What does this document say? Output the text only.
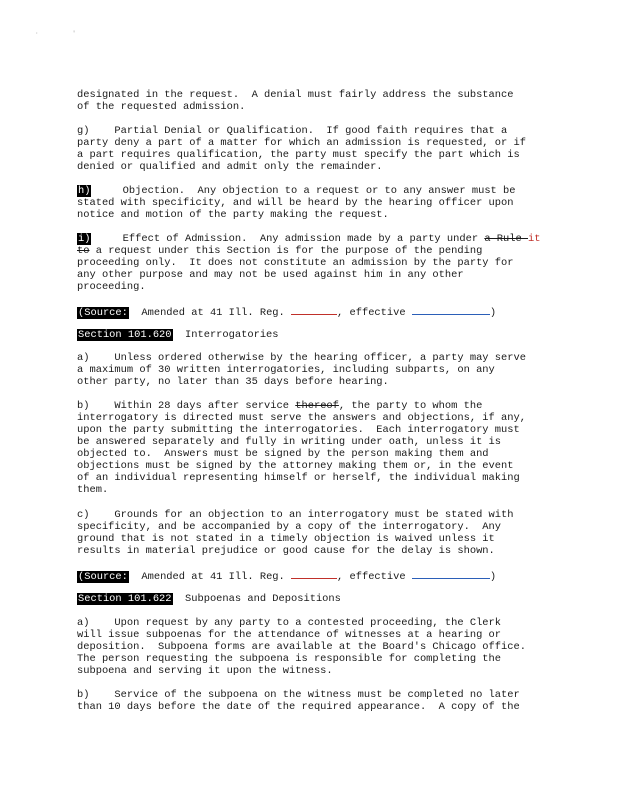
·	'
designated in the request.  A denial must fairly address the substance
of the requested admission.
g)    Partial Denial or Qualification.  If good faith requires that a
party deny a part of a matter for which an admission is requested, or if
a part requires qualification, the party must specify the part which is
denied or qualified and admit only the remainder.
h)     Objection.  Any objection to a request or to any answer must be
stated with specificity, and will be heard by the hearing officer upon
notice and motion of the party making the request.
i)     Effect of Admission.  Any admission made by a party under a Rule it
to a request under this Section is for the purpose of the pending
proceeding only.  It does not constitute an admission by the party for
any other purpose and may not be used against him in any other
proceeding.
(Source:  Amended at 41 Ill. Reg.	, effective	)
Section 101.620  Interrogatories
a)    Unless ordered otherwise by the hearing officer, a party may serve
a maximum of 30 written interrogatories, including subparts, on any
other party, no later than 35 days before hearing.
b)    Within 28 days after service thereof, the party to whom the
interrogatory is directed must serve the answers and objections, if any,
upon the party submitting the interrogatories.  Each interrogatory must
be answered separately and fully in writing under oath, unless it is
objected to.  Answers must be signed by the person making them and
objections must be signed by the attorney making them or, in the event
of an individual representing himself or herself, the individual making
them.
c)    Grounds for an objection to an interrogatory must be stated with
specificity, and be accompanied by a copy of the interrogatory.  Any
ground that is not stated in a timely objection is waived unless it
results in material prejudice or good cause for the delay is shown.
(Source:  Amended at 41 Ill. Reg.	, effective	)
Section 101.622  Subpoenas and Depositions
a)    Upon request by any party to a contested proceeding, the Clerk
will issue subpoenas for the attendance of witnesses at a hearing or
deposition.  Subpoena forms are available at the Board's Chicago office.
The person requesting the subpoena is responsible for completing the
subpoena and serving it upon the witness.
b)    Service of the subpoena on the witness must be completed no later
than 10 days before the date of the required appearance.  A copy of the
